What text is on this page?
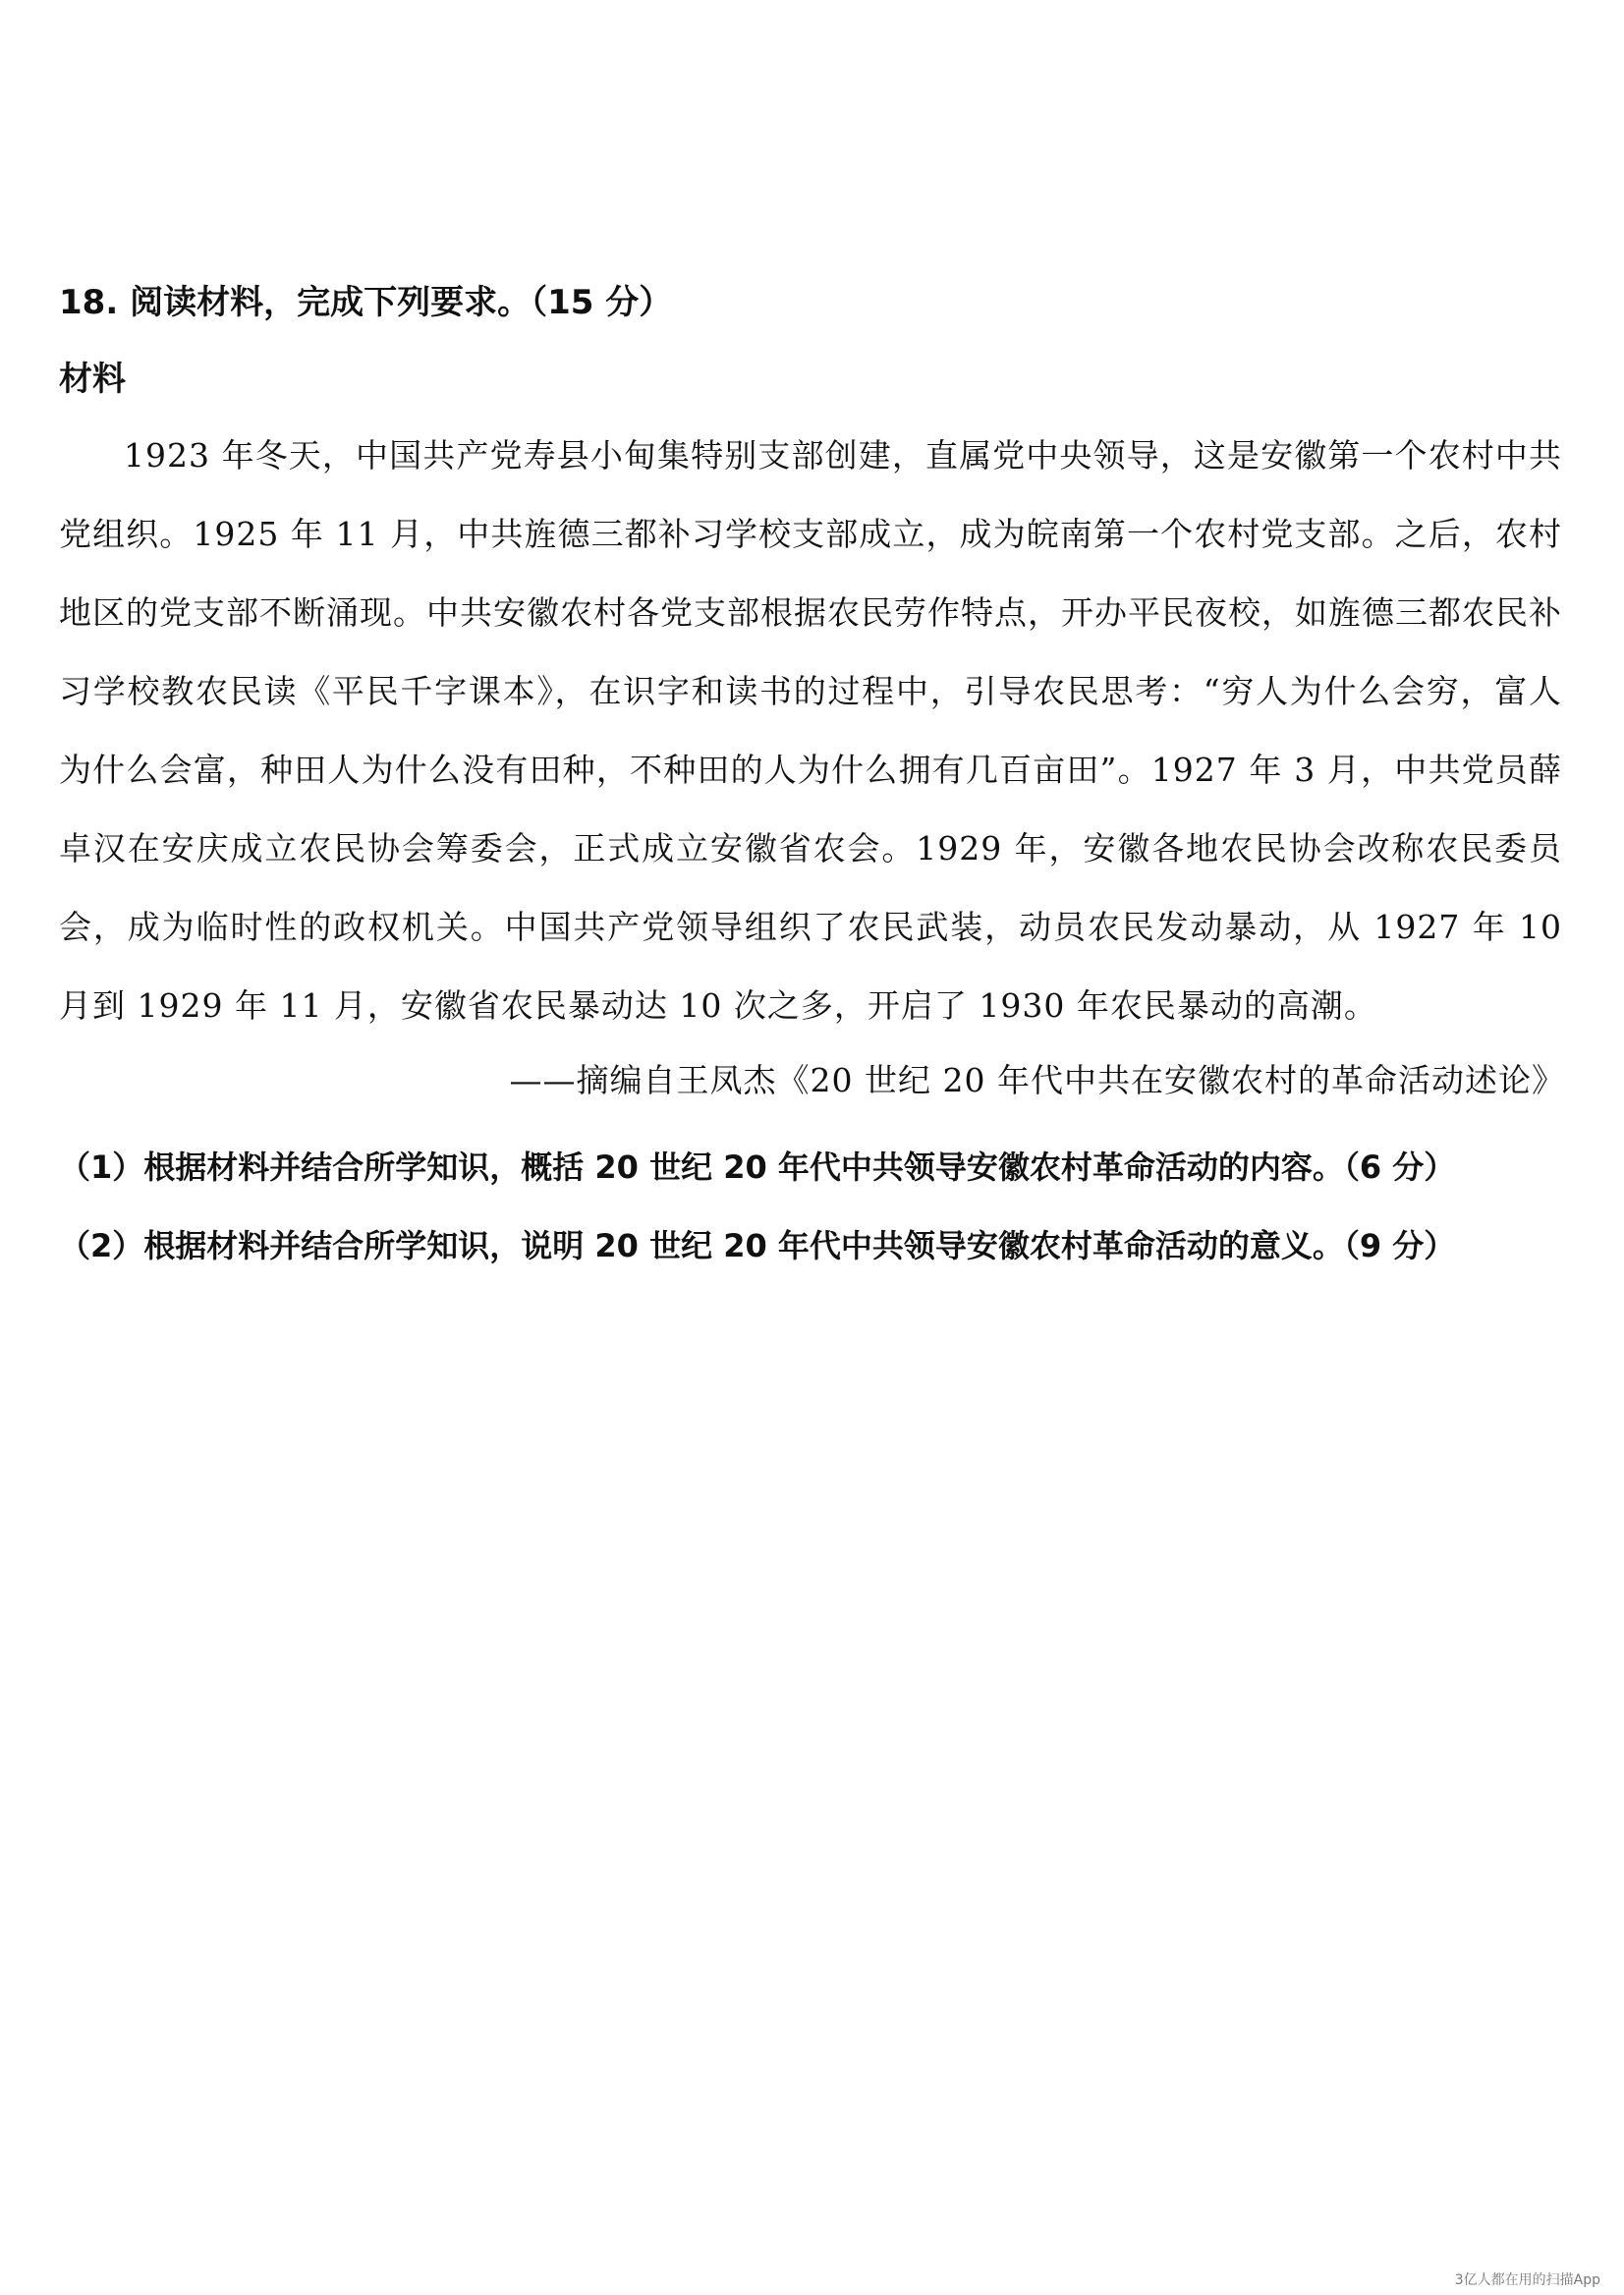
18. 阅读材料，完成下列要求。（15 分）
材料
1923 年冬天，中国共产党寿县小甸集特别支部创建，直属党中央领导，这是安徽第一个农村中共党组织。1925 年 11 月，中共旌德三都补习学校支部成立，成为皖南第一个农村党支部。之后，农村地区的党支部不断涌现。中共安徽农村各党支部根据农民劳作特点，开办平民夜校，如旌德三都农民补习学校教农民读《平民千字课本》，在识字和读书的过程中，引导农民思考：“穷人为什么会穷，富人为什么会富，种田人为什么没有田种，不种田的人为什么拥有几百亩田”。1927 年 3 月，中共党员薛卓汉在安庆成立农民协会筹委会，正式成立安徽省农会。1929 年，安徽各地农民协会改称农民委员会，成为临时性的政权机关。中国共产党领导组织了农民武装，动员农民发动暴动，从 1927 年 10 月到 1929 年 11 月，安徽省农民暴动达 10 次之多，开启了 1930 年农民暴动的高潮。
——摘编自王凤杰《20 世纪 20 年代中共在安徽农村的革命活动述论》
（1）根据材料并结合所学知识，概括 20 世纪 20 年代中共领导安徽农村革命活动的内容。（6 分）
（2）根据材料并结合所学知识，说明 20 世纪 20 年代中共领导安徽农村革命活动的意义。（9 分）
3亿人都在用的扫描App
